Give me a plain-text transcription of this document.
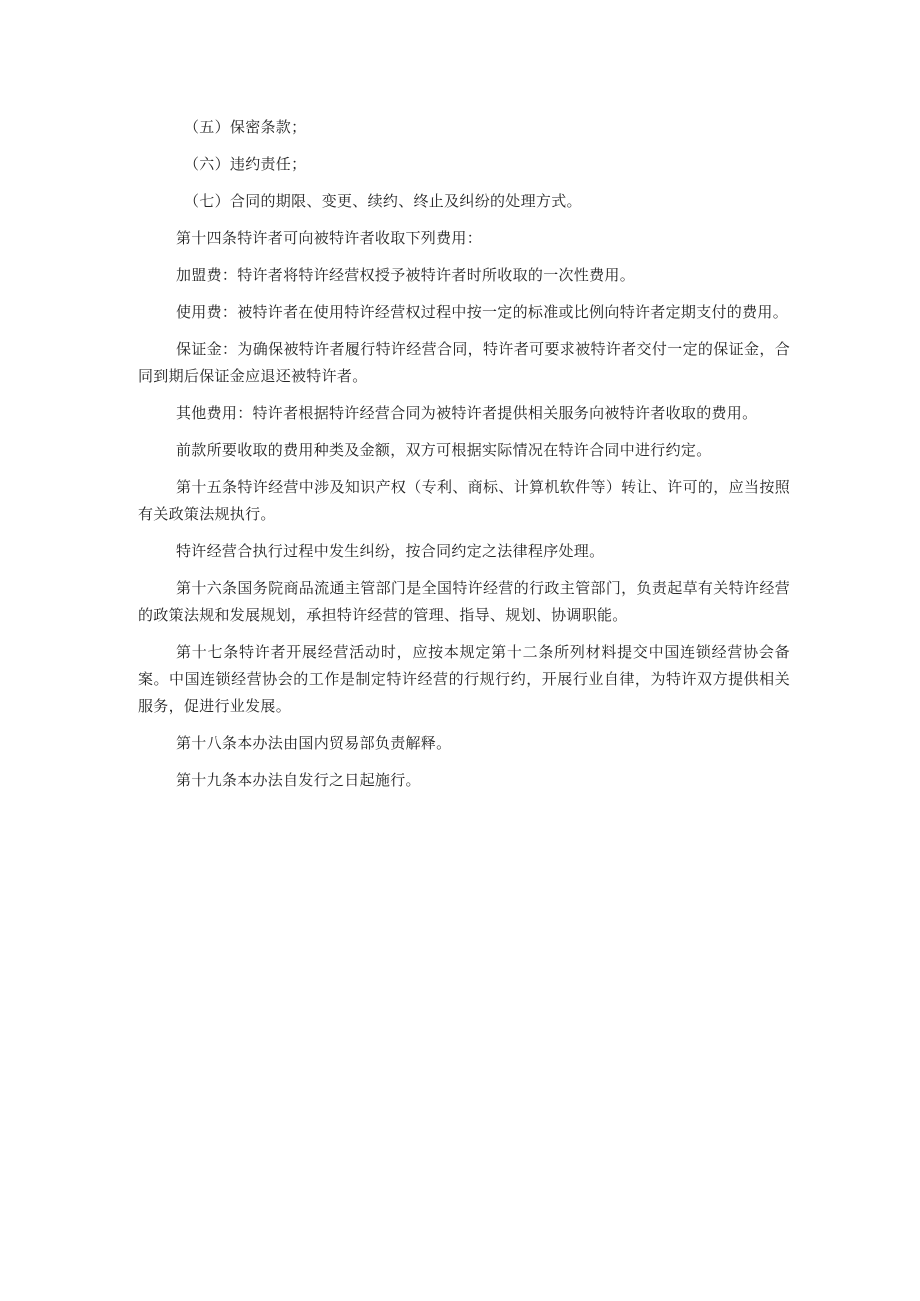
（五）保密条款；

（六）违约责任；

（七）合同的期限、变更、续约、终止及纠纷的处理方式。

第十四条特许者可向被特许者收取下列费用：

加盟费：特许者将特许经营权授予被特许者时所收取的一次性费用。

使用费：被特许者在使用特许经营权过程中按一定的标准或比例向特许者定期支付的费用。

保证金：为确保被特许者履行特许经营合同，特许者可要求被特许者交付一定的保证金，合同到期后保证金应退还被特许者。

其他费用：特许者根据特许经营合同为被特许者提供相关服务向被特许者收取的费用。

前款所要收取的费用种类及金额，双方可根据实际情况在特许合同中进行约定。

第十五条特许经营中涉及知识产权（专利、商标、计算机软件等）转让、许可的，应当按照有关政策法规执行。

特许经营合执行过程中发生纠纷，按合同约定之法律程序处理。

第十六条国务院商品流通主管部门是全国特许经营的行政主管部门，负责起草有关特许经营的政策法规和发展规划，承担特许经营的管理、指导、规划、协调职能。

第十七条特许者开展经营活动时，应按本规定第十二条所列材料提交中国连锁经营协会备案。中国连锁经营协会的工作是制定特许经营的行规行约，开展行业自律，为特许双方提供相关服务，促进行业发展。

第十八条本办法由国内贸易部负责解释。

第十九条本办法自发行之日起施行。
